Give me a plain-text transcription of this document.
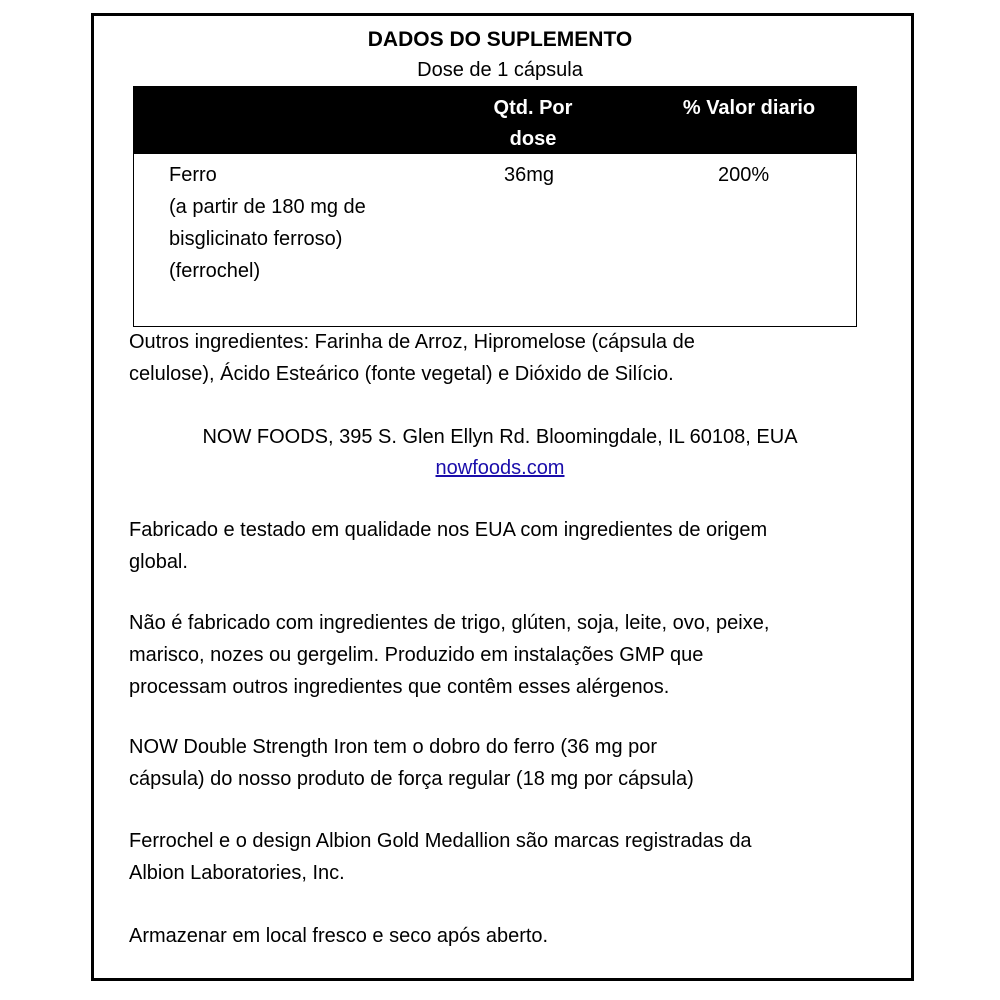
DADOS DO SUPLEMENTO
Dose de 1 cápsula
Qtd. Por
dose
% Valor diario
Ferro
(a partir de 180 mg de
bisglicinato ferroso)
(ferrochel)
36mg	200%
Outros ingredientes: Farinha de Arroz, Hipromelose (cápsula de
celulose), Ácido Esteárico (fonte vegetal) e Dióxido de Silício.
NOW FOODS, 395 S. Glen Ellyn Rd. Bloomingdale, IL 60108, EUA
nowfoods.com
Fabricado e testado em qualidade nos EUA com ingredientes de origem
global.
Não é fabricado com ingredientes de trigo, glúten, soja, leite, ovo, peixe,
marisco, nozes ou gergelim. Produzido em instalações GMP que
processam outros ingredientes que contêm esses alérgenos.
NOW Double Strength Iron tem o dobro do ferro (36 mg por
cápsula) do nosso produto de força regular (18 mg por cápsula)
Ferrochel e o design Albion Gold Medallion são marcas registradas da
Albion Laboratories, Inc.
Armazenar em local fresco e seco após aberto.
